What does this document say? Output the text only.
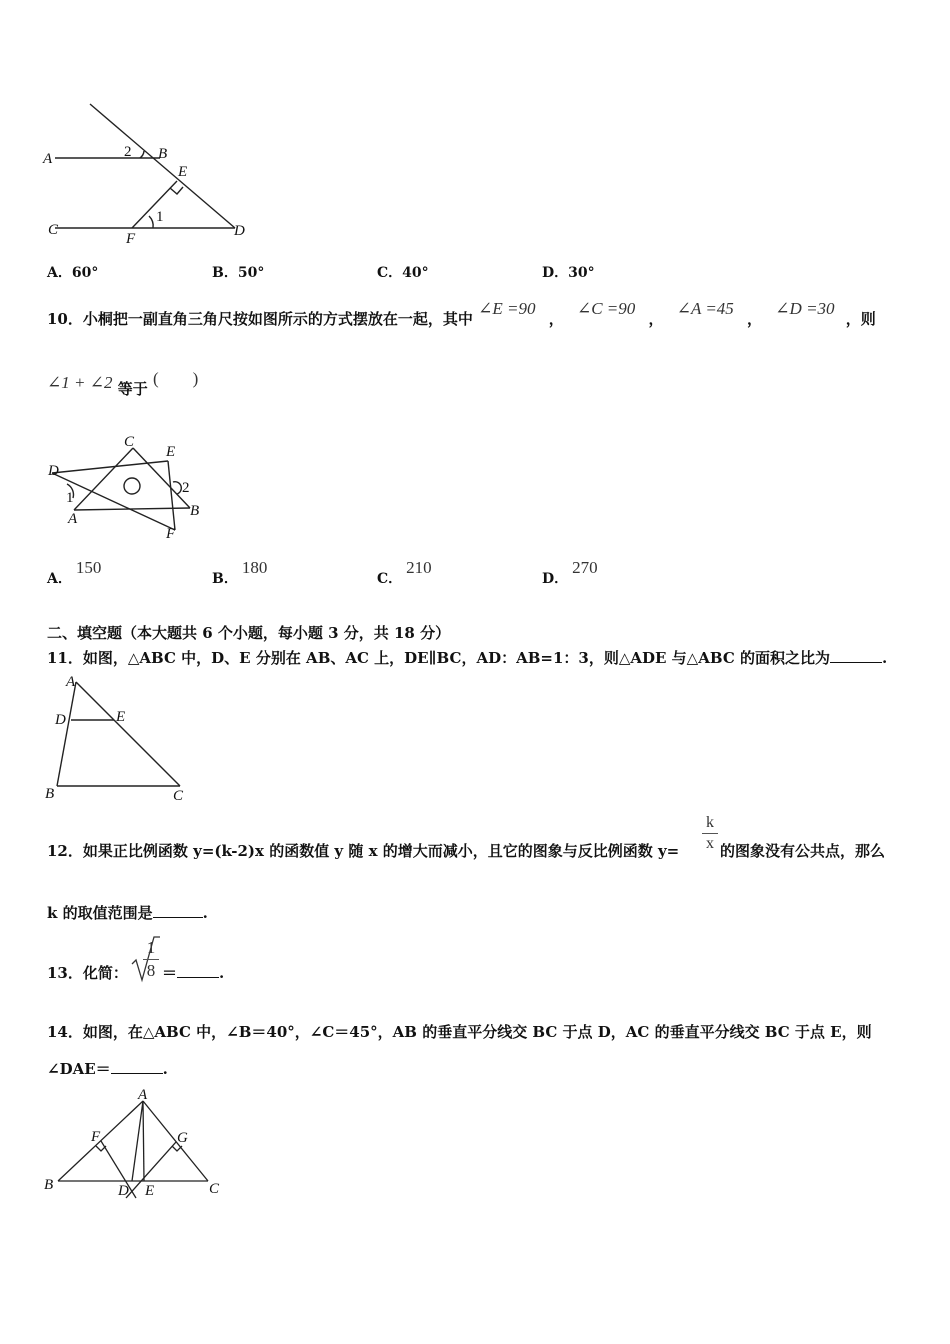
A	2 B
E
1
C
F	D
A．60°	B．50°	C．40°	D．30°
10．小桐把一副直角三角尺按如图所示的方式摆放在一起，其中 ∠E =90 ， ∠C =90 ， ∠A =45 ， ∠D =30 ，则
∠1 + ∠2 等于 (        )
D
C
E
2
1
A	B
F
A．150
B．180
C．210
D．270
二、填空题（本大题共 6 个小题，每小题 3 分，共 18 分）
11．如图，△ABC 中，D、E 分别在 AB、AC 上，DE∥BC，AD：AB=1：3，则△ADE 与△ABC 的面积之比为	.
A
D	E
B	C
12．如果正比例函数 y=(k-2)x 的函数值 y 随 x 的增大而减小，且它的图象与反比例函数 y=
k
x 的图象没有公共点，那么
k 的取值范围是	.
13．化简：
1
8 ＝	.
14．如图，在△ABC 中，∠B＝40°，∠C＝45°，AB 的垂直平分线交 BC 于点 D，AC 的垂直平分线交 BC 于点 E，则
∠DAE＝	.
A
F	G
B	D E	C
